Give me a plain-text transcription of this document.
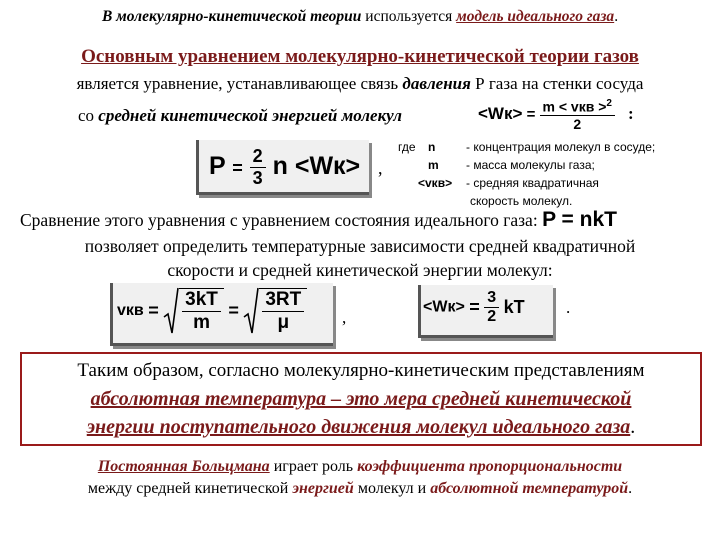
В молекулярно-кинетической теории используется модель идеального газа.
Основным уравнением молекулярно-кинетической теории газов
является уравнение, устанавливающее связь давления Р газа на стенки сосуда
со средней кинетической энергией молекул	$<Wк> = \frac{m < vкв >^2}{2}$ :
$P = \frac{2}{3}$ n <Wк> ,
где n	- концентрация молекул в сосуде;
m - масса молекулы газа;
<vкв> - средняя квадратичная
скорость молекул.
Сравнение этого уравнения с уравнением состояния идеального газа: P = nkT
позволяет определить температурные зависимости средней квадратичной
скорости и средней кинетической энергии молекул:
vкв = $\frac{3kT}{m} = \frac{3RT}{\mu}$ ,
$<Wк> = \frac{3}{2}$ kT .
Таким образом, согласно молекулярно-кинетическим представлениям
абсолютная температура – это мера средней кинетической
энергии поступательного движения молекул идеального газа.
Постоянная Больцмана играет роль коэффициента пропорциональности
между средней кинетической энергией молекул и абсолютной температурой.
